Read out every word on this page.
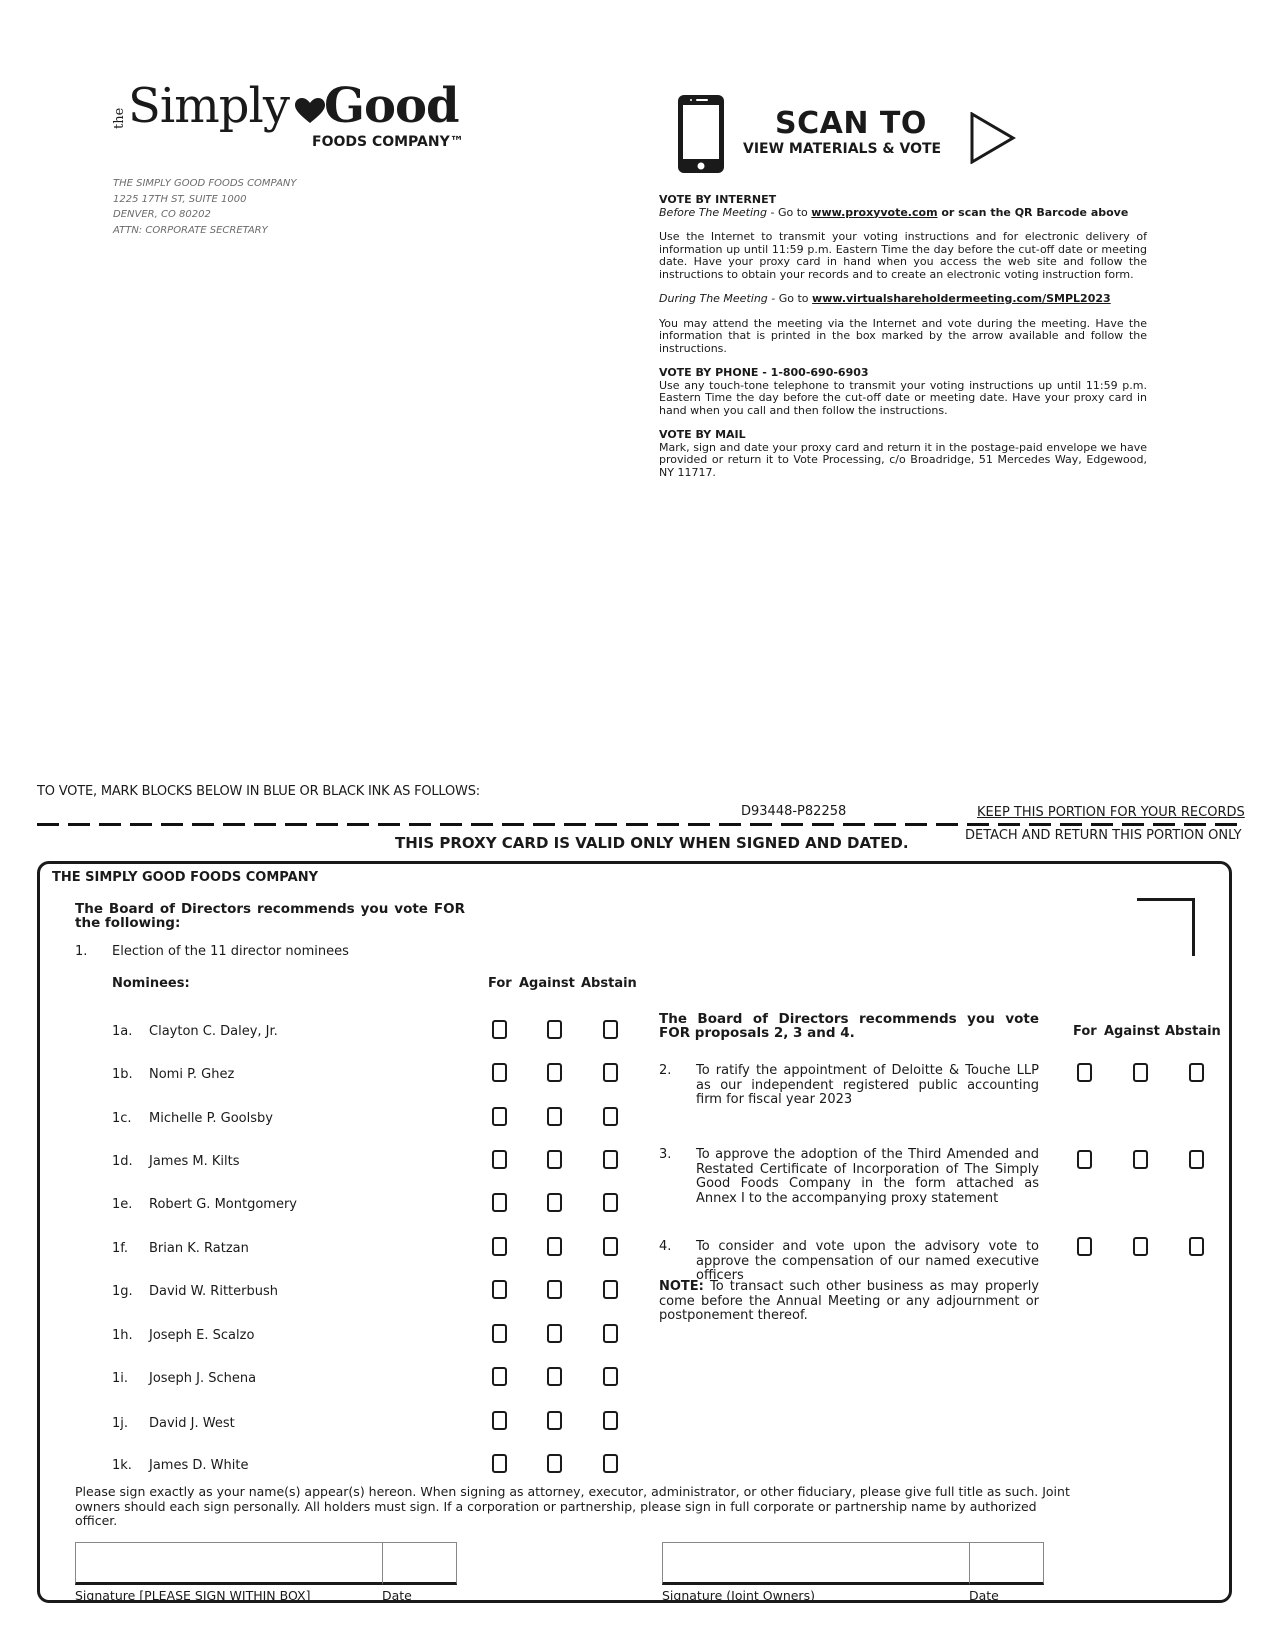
the Simply Good
FOODS COMPANY™
THE SIMPLY GOOD FOODS COMPANY
1225 17TH ST, SUITE 1000
DENVER, CO 80202
ATTN: CORPORATE SECRETARY
SCAN TO
VIEW MATERIALS & VOTE
VOTE BY INTERNET

Before The Meeting - Go to www.proxyvote.com or scan the QR Barcode above

Use the Internet to transmit your voting instructions and for electronic delivery of information up until 11:59 p.m. Eastern Time the day before the cut-off date or meeting date. Have your proxy card in hand when you access the web site and follow the instructions to obtain your records and to create an electronic voting instruction form.

During The Meeting - Go to www.virtualshareholdermeeting.com/SMPL2023

You may attend the meeting via the Internet and vote during the meeting. Have the information that is printed in the box marked by the arrow available and follow the instructions.

VOTE BY PHONE - 1-800-690-6903

Use any touch-tone telephone to transmit your voting instructions up until 11:59 p.m. Eastern Time the day before the cut-off date or meeting date. Have your proxy card in hand when you call and then follow the instructions.

VOTE BY MAIL

Mark, sign and date your proxy card and return it in the postage-paid envelope we have provided or return it to Vote Processing, c/o Broadridge, 51 Mercedes Way, Edgewood, NY 11717.

TO VOTE, MARK BLOCKS BELOW IN BLUE OR BLACK INK AS FOLLOWS:
D93448-P82258	KEEP THIS PORTION FOR YOUR RECORDS
THIS PROXY CARD IS VALID ONLY WHEN SIGNED AND DATED.	DETACH AND RETURN THIS PORTION ONLY
THE SIMPLY GOOD FOODS COMPANY
The Board of Directors recommends you vote FOR the following:
1. Election of the 11 director nominees
Nominees:	For Against Abstain
1a. Clayton C. Daley, Jr.
1b. Nomi P. Ghez
1c. Michelle P. Goolsby
1d. James M. Kilts
1e. Robert G. Montgomery
1f. Brian K. Ratzan
1g. David W. Ritterbush
1h. Joseph E. Scalzo
1i. Joseph J. Schena
1j. David J. West
1k. James D. White
The Board of Directors recommends you vote FOR proposals 2, 3 and 4.	For Against Abstain
2. To ratify the appointment of Deloitte & Touche LLP as our independent registered public accounting firm for fiscal year 2023
3. To approve the adoption of the Third Amended and Restated Certificate of Incorporation of The Simply Good Foods Company in the form attached as Annex I to the accompanying proxy statement
4. To consider and vote upon the advisory vote to approve the compensation of our named executive officers
NOTE: To transact such other business as may properly come before the Annual Meeting or any adjournment or postponement thereof.
Please sign exactly as your name(s) appear(s) hereon. When signing as attorney, executor, administrator, or other fiduciary, please give full title as such. Joint owners should each sign personally. All holders must sign. If a corporation or partnership, please sign in full corporate or partnership name by authorized officer.
Signature [PLEASE SIGN WITHIN BOX]	Date	Signature (Joint Owners)	Date
